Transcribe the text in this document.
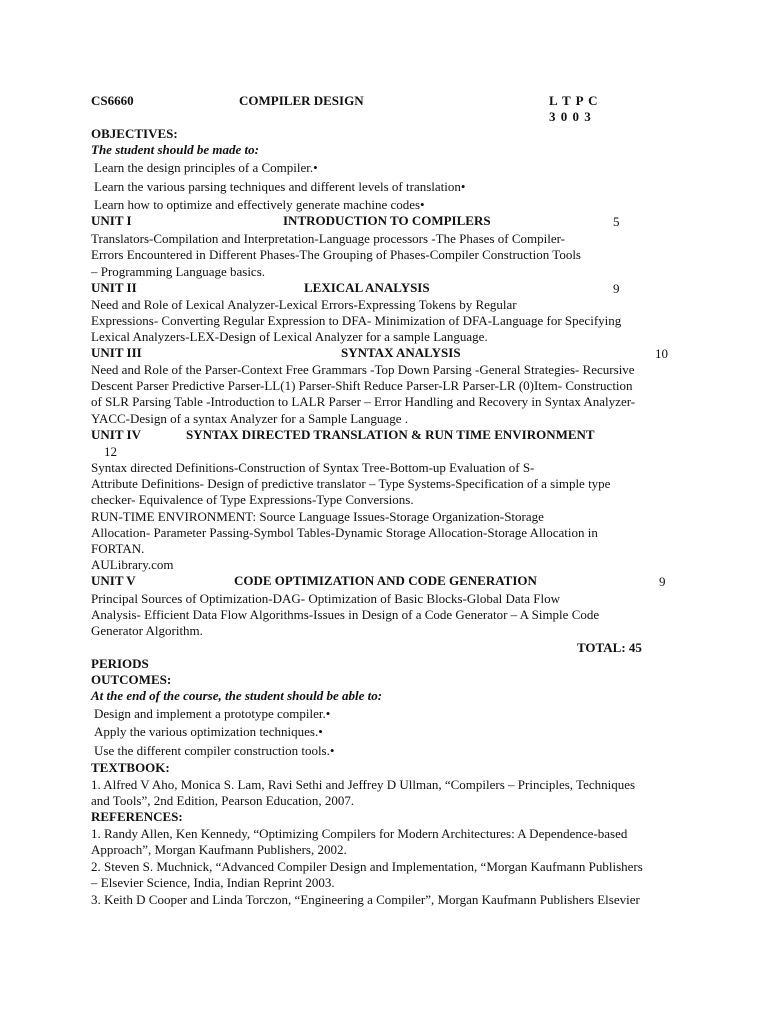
CS6660	COMPILER DESIGN	L T P C
3 0 0 3
OBJECTIVES:
The student should be made to:
Learn the design principles of a Compiler.•
Learn the various parsing techniques and different levels of translation•
Learn how to optimize and effectively generate machine codes•
UNIT I	INTRODUCTION TO COMPILERS	5
Translators-Compilation and Interpretation-Language processors -The Phases of Compiler-
Errors Encountered in Different Phases-The Grouping of Phases-Compiler Construction Tools
– Programming Language basics.
UNIT II	LEXICAL ANALYSIS	9
Need and Role of Lexical Analyzer-Lexical Errors-Expressing Tokens by Regular
Expressions- Converting Regular Expression to DFA- Minimization of DFA-Language for Specifying
Lexical Analyzers-LEX-Design of Lexical Analyzer for a sample Language.
UNIT III	SYNTAX ANALYSIS	10
Need and Role of the Parser-Context Free Grammars -Top Down Parsing -General Strategies- Recursive
Descent Parser Predictive Parser-LL(1) Parser-Shift Reduce Parser-LR Parser-LR (0)Item- Construction
of SLR Parsing Table -Introduction to LALR Parser – Error Handling and Recovery in Syntax Analyzer-
YACC-Design of a syntax Analyzer for a Sample Language .
UNIT IV	SYNTAX DIRECTED TRANSLATION & RUN TIME ENVIRONMENT
12
Syntax directed Definitions-Construction of Syntax Tree-Bottom-up Evaluation of S-
Attribute Definitions- Design of predictive translator – Type Systems-Specification of a simple type
checker- Equivalence of Type Expressions-Type Conversions.
RUN-TIME ENVIRONMENT: Source Language Issues-Storage Organization-Storage
Allocation- Parameter Passing-Symbol Tables-Dynamic Storage Allocation-Storage Allocation in
FORTAN.
AULibrary.com
UNIT V	CODE OPTIMIZATION AND CODE GENERATION	9
Principal Sources of Optimization-DAG- Optimization of Basic Blocks-Global Data Flow
Analysis- Efficient Data Flow Algorithms-Issues in Design of a Code Generator – A Simple Code
Generator Algorithm.
TOTAL: 45
PERIODS
OUTCOMES:
At the end of the course, the student should be able to:
Design and implement a prototype compiler.•
Apply the various optimization techniques.•
Use the different compiler construction tools.•
TEXTBOOK:
1. Alfred V Aho, Monica S. Lam, Ravi Sethi and Jeffrey D Ullman, “Compilers – Principles, Techniques
and Tools”, 2nd Edition, Pearson Education, 2007.
REFERENCES:
1. Randy Allen, Ken Kennedy, “Optimizing Compilers for Modern Architectures: A Dependence-based
Approach”, Morgan Kaufmann Publishers, 2002.
2. Steven S. Muchnick, “Advanced Compiler Design and Implementation, “Morgan Kaufmann Publishers
– Elsevier Science, India, Indian Reprint 2003.
3. Keith D Cooper and Linda Torczon, “Engineering a Compiler”, Morgan Kaufmann Publishers Elsevier
